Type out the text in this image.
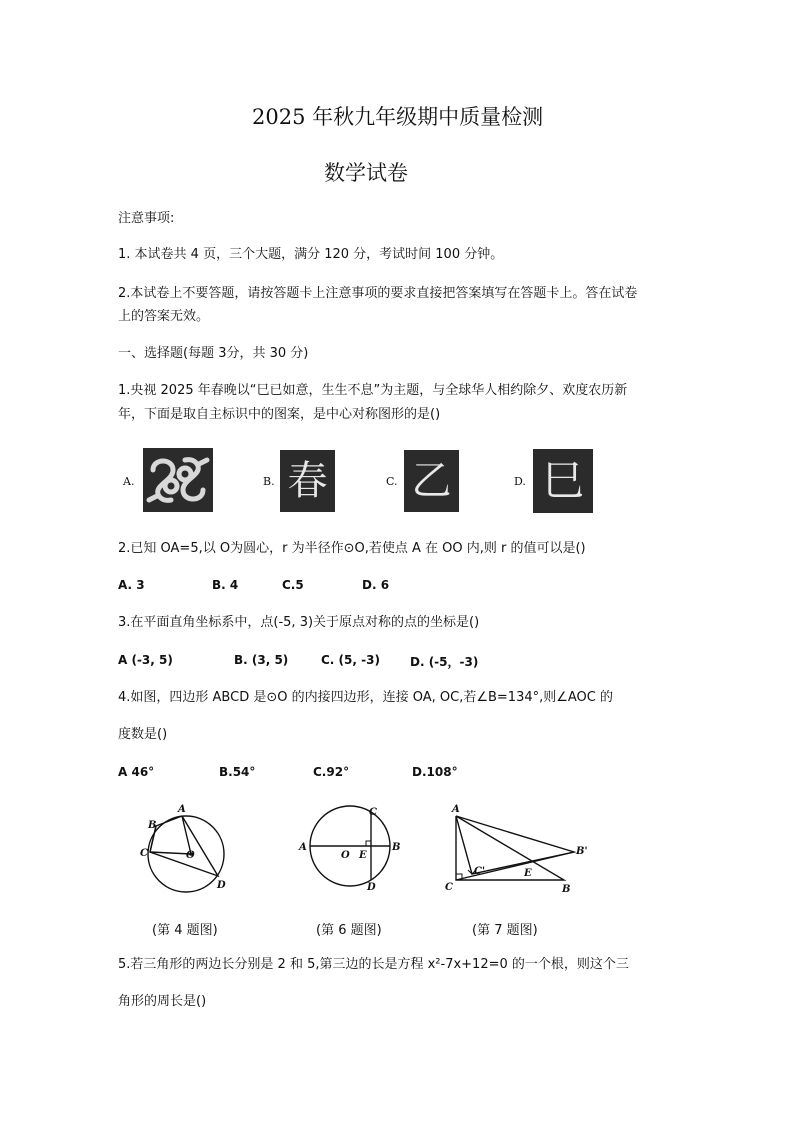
2025 年秋九年级期中质量检测
数学试卷
注意事项:
1. 本试卷共 4 页，三个大题，满分 120 分，考试时间 100 分钟。
2.本试卷上不要答题，请按答题卡上注意事项的要求直接把答案填写在答题卡上。答在试卷
上的答案无效。
一、选择题(每题 3分，共 30 分)
1.央视 2025 年春晚以“巳已如意，生生不息”为主题，与全球华人相约除夕、欢度农历新
年，下面是取自主标识中的图案，是中心对称图形的是()
A.	B. 春	C. 乙	D. 巳
2.已知 OA=5,以 O为圆心，r 为半径作⊙O,若使点 A 在 OO 内,则 r 的值可以是()
A. 3	B. 4	C.5	D. 6
3.在平面直角坐标系中，点(-5, 3)关于原点对称的点的坐标是()
A (-3, 5)	B. (3, 5)	C. (5, -3)	D. (-5，-3)
4.如图，四边形 ABCD 是⊙O 的内接四边形，连接 OA, OC,若∠B=134°,则∠AOC 的
度数是()
A 46°	B.54°	C.92°	D.108°
A
B
C
D
O
A	B
C
D
O E
A
C	B
B'
C'	E
(第 4 题图)	(第 6 题图)	(第 7 题图)
5.若三角形的两边长分别是 2 和 5,第三边的长是方程 x²-7x+12=0 的一个根，则这个三
角形的周长是()
